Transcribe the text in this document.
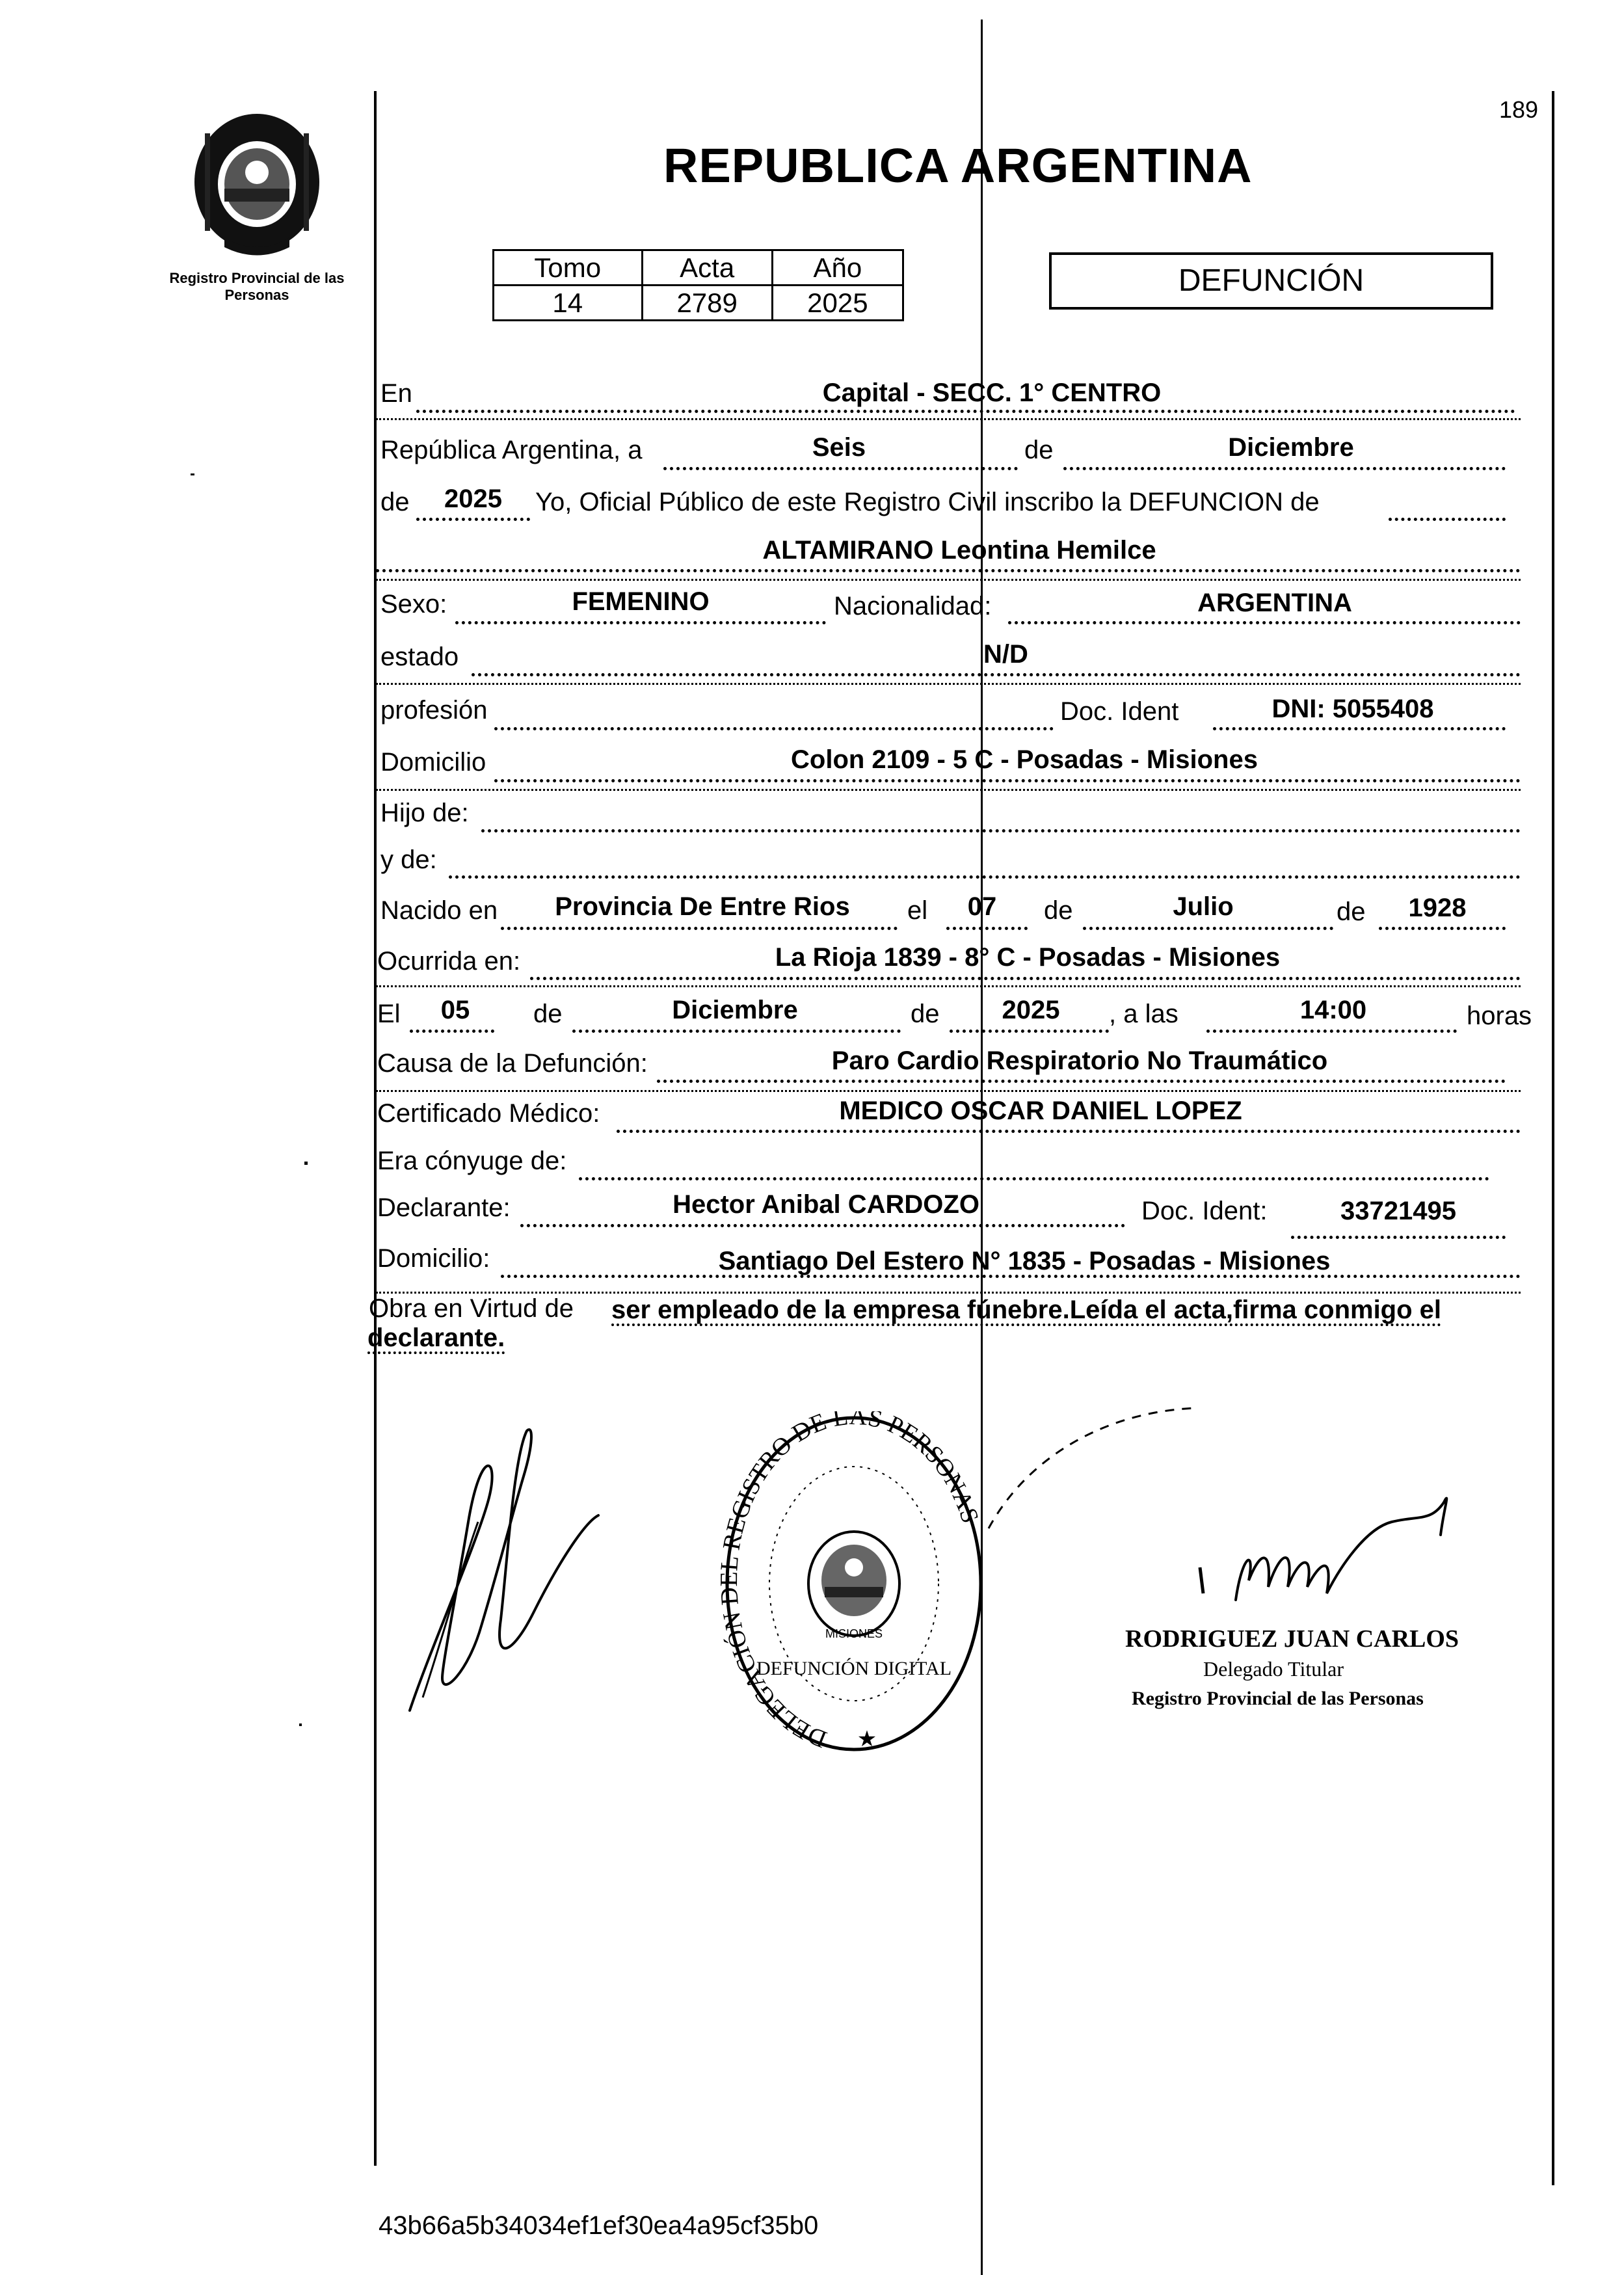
Registro Provincial de las Personas
189
REPUBLICA ARGENTINA
Tomo	Acta	Año
14	2789	2025
DEFUNCIÓN
En	Capital - SECC. 1° CENTRO
República Argentina, a	Seis	de	Diciembre
de	2025	Yo, Oficial Público de este Registro Civil inscribo la DEFUNCION de
ALTAMIRANO Leontina Hemilce
Sexo:	FEMENINO	Nacionalidad:	ARGENTINA
estado	N/D
profesión	Doc. Ident	DNI: 5055408
Domicilio	Colon 2109 - 5 C - Posadas - Misiones
Hijo de:
y de:
Nacido en	Provincia De Entre Rios	el	07	de	Julio	de	1928
Ocurrida en:	La Rioja 1839 - 8° C - Posadas - Misiones
El	05	de	Diciembre	de	2025	, a las	14:00	horas
Causa de la Defunción:	Paro Cardio Respiratorio No Traumático
Certificado Médico:	MEDICO OSCAR DANIEL LOPEZ
Era cónyuge de:
Declarante:	Hector Anibal CARDOZO	Doc. Ident:	33721495
Domicilio:	Santiago Del Estero N° 1835 - Posadas - Misiones
Obra en Virtud de ser empleado de la empresa fúnebre.Leída el acta,firma conmigo el
declarante.
DELEGACIÓN REGISTRO DE LAS PERSONAS
MISIONES
DEFUNCIÓN DIGITAL
★
RODRIGUEZ JUAN CARLOS
Delegado Titular
Registro Provincial de las Personas
43b66a5b34034ef1ef30ea4a95cf35b0
